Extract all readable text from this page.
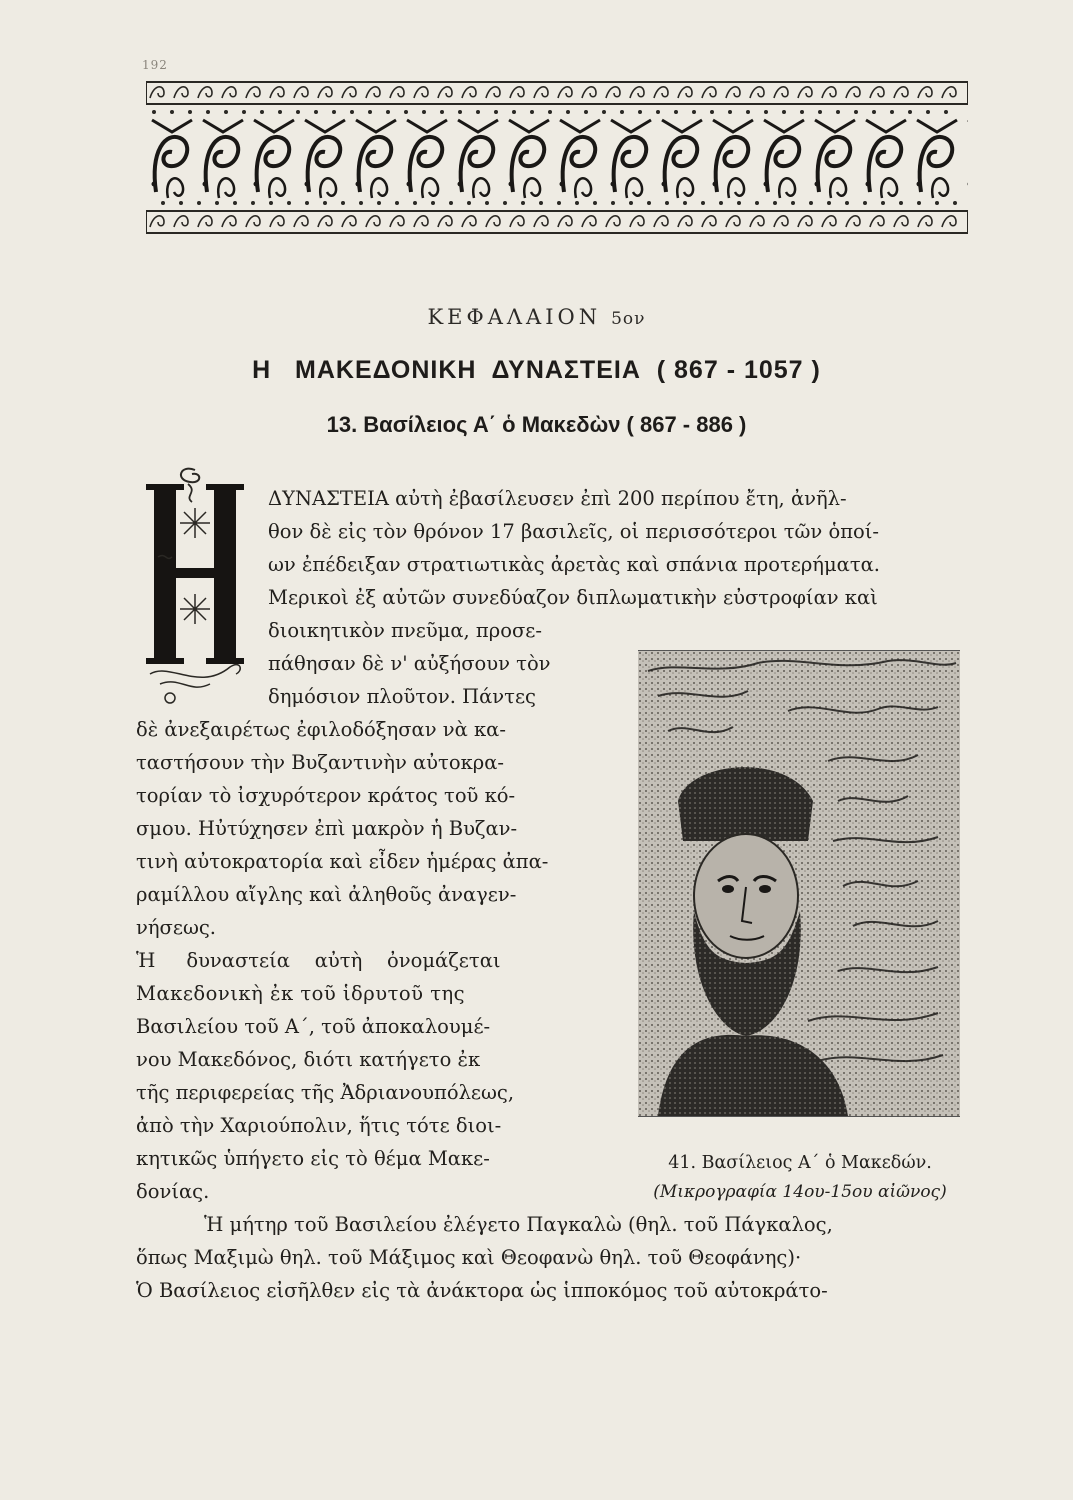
192
ΚΕΦΑΛΑΙΟΝ 5ον
Η   ΜΑΚΕΔΟΝΙΚΗ  ΔΥΝΑΣΤΕΙΑ  ( 867 - 1057 )
13. Βασίλειος Α΄ ὁ Μακεδὼν ( 867 - 886 )
ΔΥΝΑΣΤΕΙΑ αὐτὴ ἐβασίλευσεν ἐπὶ 200 περίπου ἔτη, ἀνῆλ-
θον δὲ εἰς τὸν θρόνον 17 βασιλεῖς, οἱ περισσότεροι τῶν ὁποί-
ων ἐπέδειξαν στρατιωτικὰς ἀρετὰς καὶ σπάνια προτερήματα.
Μερικοὶ ἐξ αὐτῶν συνεδύαζον διπλωματικὴν εὐστροφίαν καὶ
διοικητικὸν πνεῦμα, προσε-
πάθησαν δὲ ν' αὐξήσουν τὸν
δημόσιον πλοῦτον. Πάντες
δὲ ἀνεξαιρέτως ἐφιλοδόξησαν νὰ κα-
ταστήσουν τὴν Βυζαντινὴν αὐτοκρα-
τορίαν τὸ ἰσχυρότερον κράτος τοῦ κό-
σμου. Ηὐτύχησεν ἐπὶ μακρὸν ἡ Βυζαν-
τινὴ αὐτοκρατορία καὶ εἶδεν ἡμέρας ἀπα-
ραμίλλου αἴγλης καὶ ἀληθοῦς ἀναγεν-
νήσεως.
Ἡ     δυναστεία    αὐτὴ    ὀνομάζεται
Μακεδονικὴ ἐκ τοῦ ἱδρυτοῦ της
Βασιλείου τοῦ Α΄, τοῦ ἀποκαλουμέ-
νου Μακεδόνος, διότι κατήγετο ἐκ
τῆς περιφερείας τῆς Ἀδριανουπόλεως,
ἀπὸ τὴν Χαριούπολιν, ἥτις τότε διοι-
κητικῶς ὑπήγετο εἰς τὸ θέμα Μακε-
δονίας.
Ἡ μήτηρ τοῦ Βασιλείου ἐλέγετο Παγκαλὼ (θηλ. τοῦ Πάγκαλος,
ὅπως Μαξιμὼ θηλ. τοῦ Μάξιμος καὶ Θεοφανὼ θηλ. τοῦ Θεοφάνης)·
Ὁ Βασίλειος εἰσῆλθεν εἰς τὰ ἀνάκτορα ὡς ἱπποκόμος τοῦ αὐτοκράτο-
41. Βασίλειος Α΄ ὁ Μακεδών.
(Μικρογραφία 14ου-15ου αἰῶνος)
